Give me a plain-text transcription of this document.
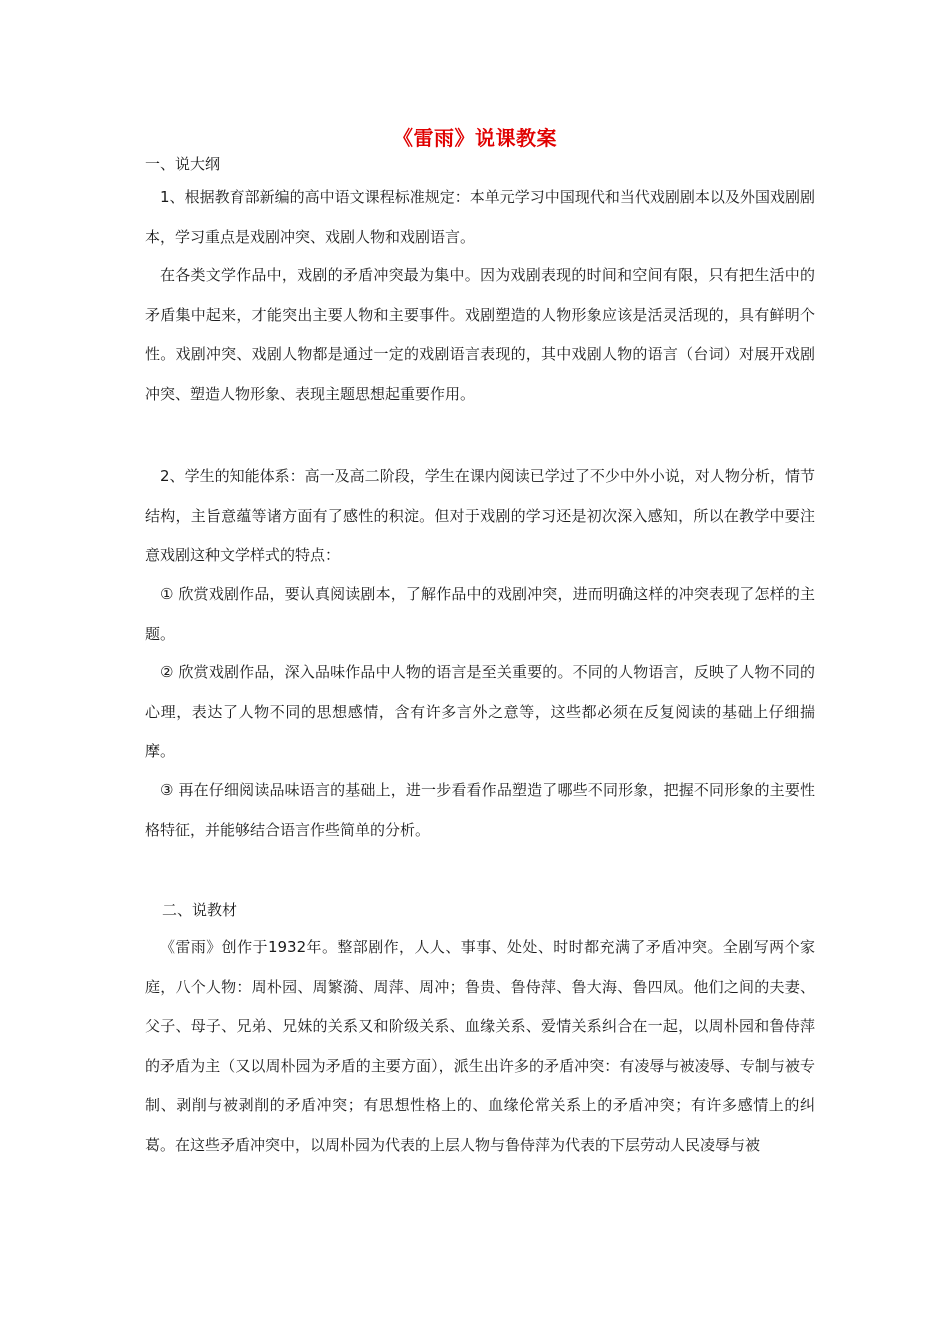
《雷雨》说课教案
一、说大纲
1、根据教育部新编的高中语文课程标准规定：本单元学习中国现代和当代戏剧剧本以及外国戏剧剧本，学习重点是戏剧冲突、戏剧人物和戏剧语言。
在各类文学作品中，戏剧的矛盾冲突最为集中。因为戏剧表现的时间和空间有限，只有把生活中的矛盾集中起来，才能突出主要人物和主要事件。戏剧塑造的人物形象应该是活灵活现的，具有鲜明个性。戏剧冲突、戏剧人物都是通过一定的戏剧语言表现的，其中戏剧人物的语言（台词）对展开戏剧冲突、塑造人物形象、表现主题思想起重要作用。
2、学生的知能体系：高一及高二阶段，学生在课内阅读已学过了不少中外小说，对人物分析，情节结构，主旨意蕴等诸方面有了感性的积淀。但对于戏剧的学习还是初次深入感知，所以在教学中要注意戏剧这种文学样式的特点：
① 欣赏戏剧作品，要认真阅读剧本，了解作品中的戏剧冲突，进而明确这样的冲突表现了怎样的主题。
② 欣赏戏剧作品，深入品味作品中人物的语言是至关重要的。不同的人物语言，反映了人物不同的心理，表达了人物不同的思想感情，含有许多言外之意等，这些都必须在反复阅读的基础上仔细揣摩。
③ 再在仔细阅读品味语言的基础上，进一步看看作品塑造了哪些不同形象，把握不同形象的主要性格特征，并能够结合语言作些简单的分析。
二、说教材
《雷雨》创作于1932年。整部剧作，人人、事事、处处、时时都充满了矛盾冲突。全剧写两个家庭，八个人物：周朴园、周繁漪、周萍、周冲；鲁贵、鲁侍萍、鲁大海、鲁四凤。他们之间的夫妻、父子、母子、兄弟、兄妹的关系又和阶级关系、血缘关系、爱情关系纠合在一起，以周朴园和鲁侍萍的矛盾为主（又以周朴园为矛盾的主要方面），派生出许多的矛盾冲突：有凌辱与被凌辱、专制与被专制、剥削与被剥削的矛盾冲突；有思想性格上的、血缘伦常关系上的矛盾冲突；有许多感情上的纠葛。在这些矛盾冲突中，以周朴园为代表的上层人物与鲁侍萍为代表的下层劳动人民凌辱与被
